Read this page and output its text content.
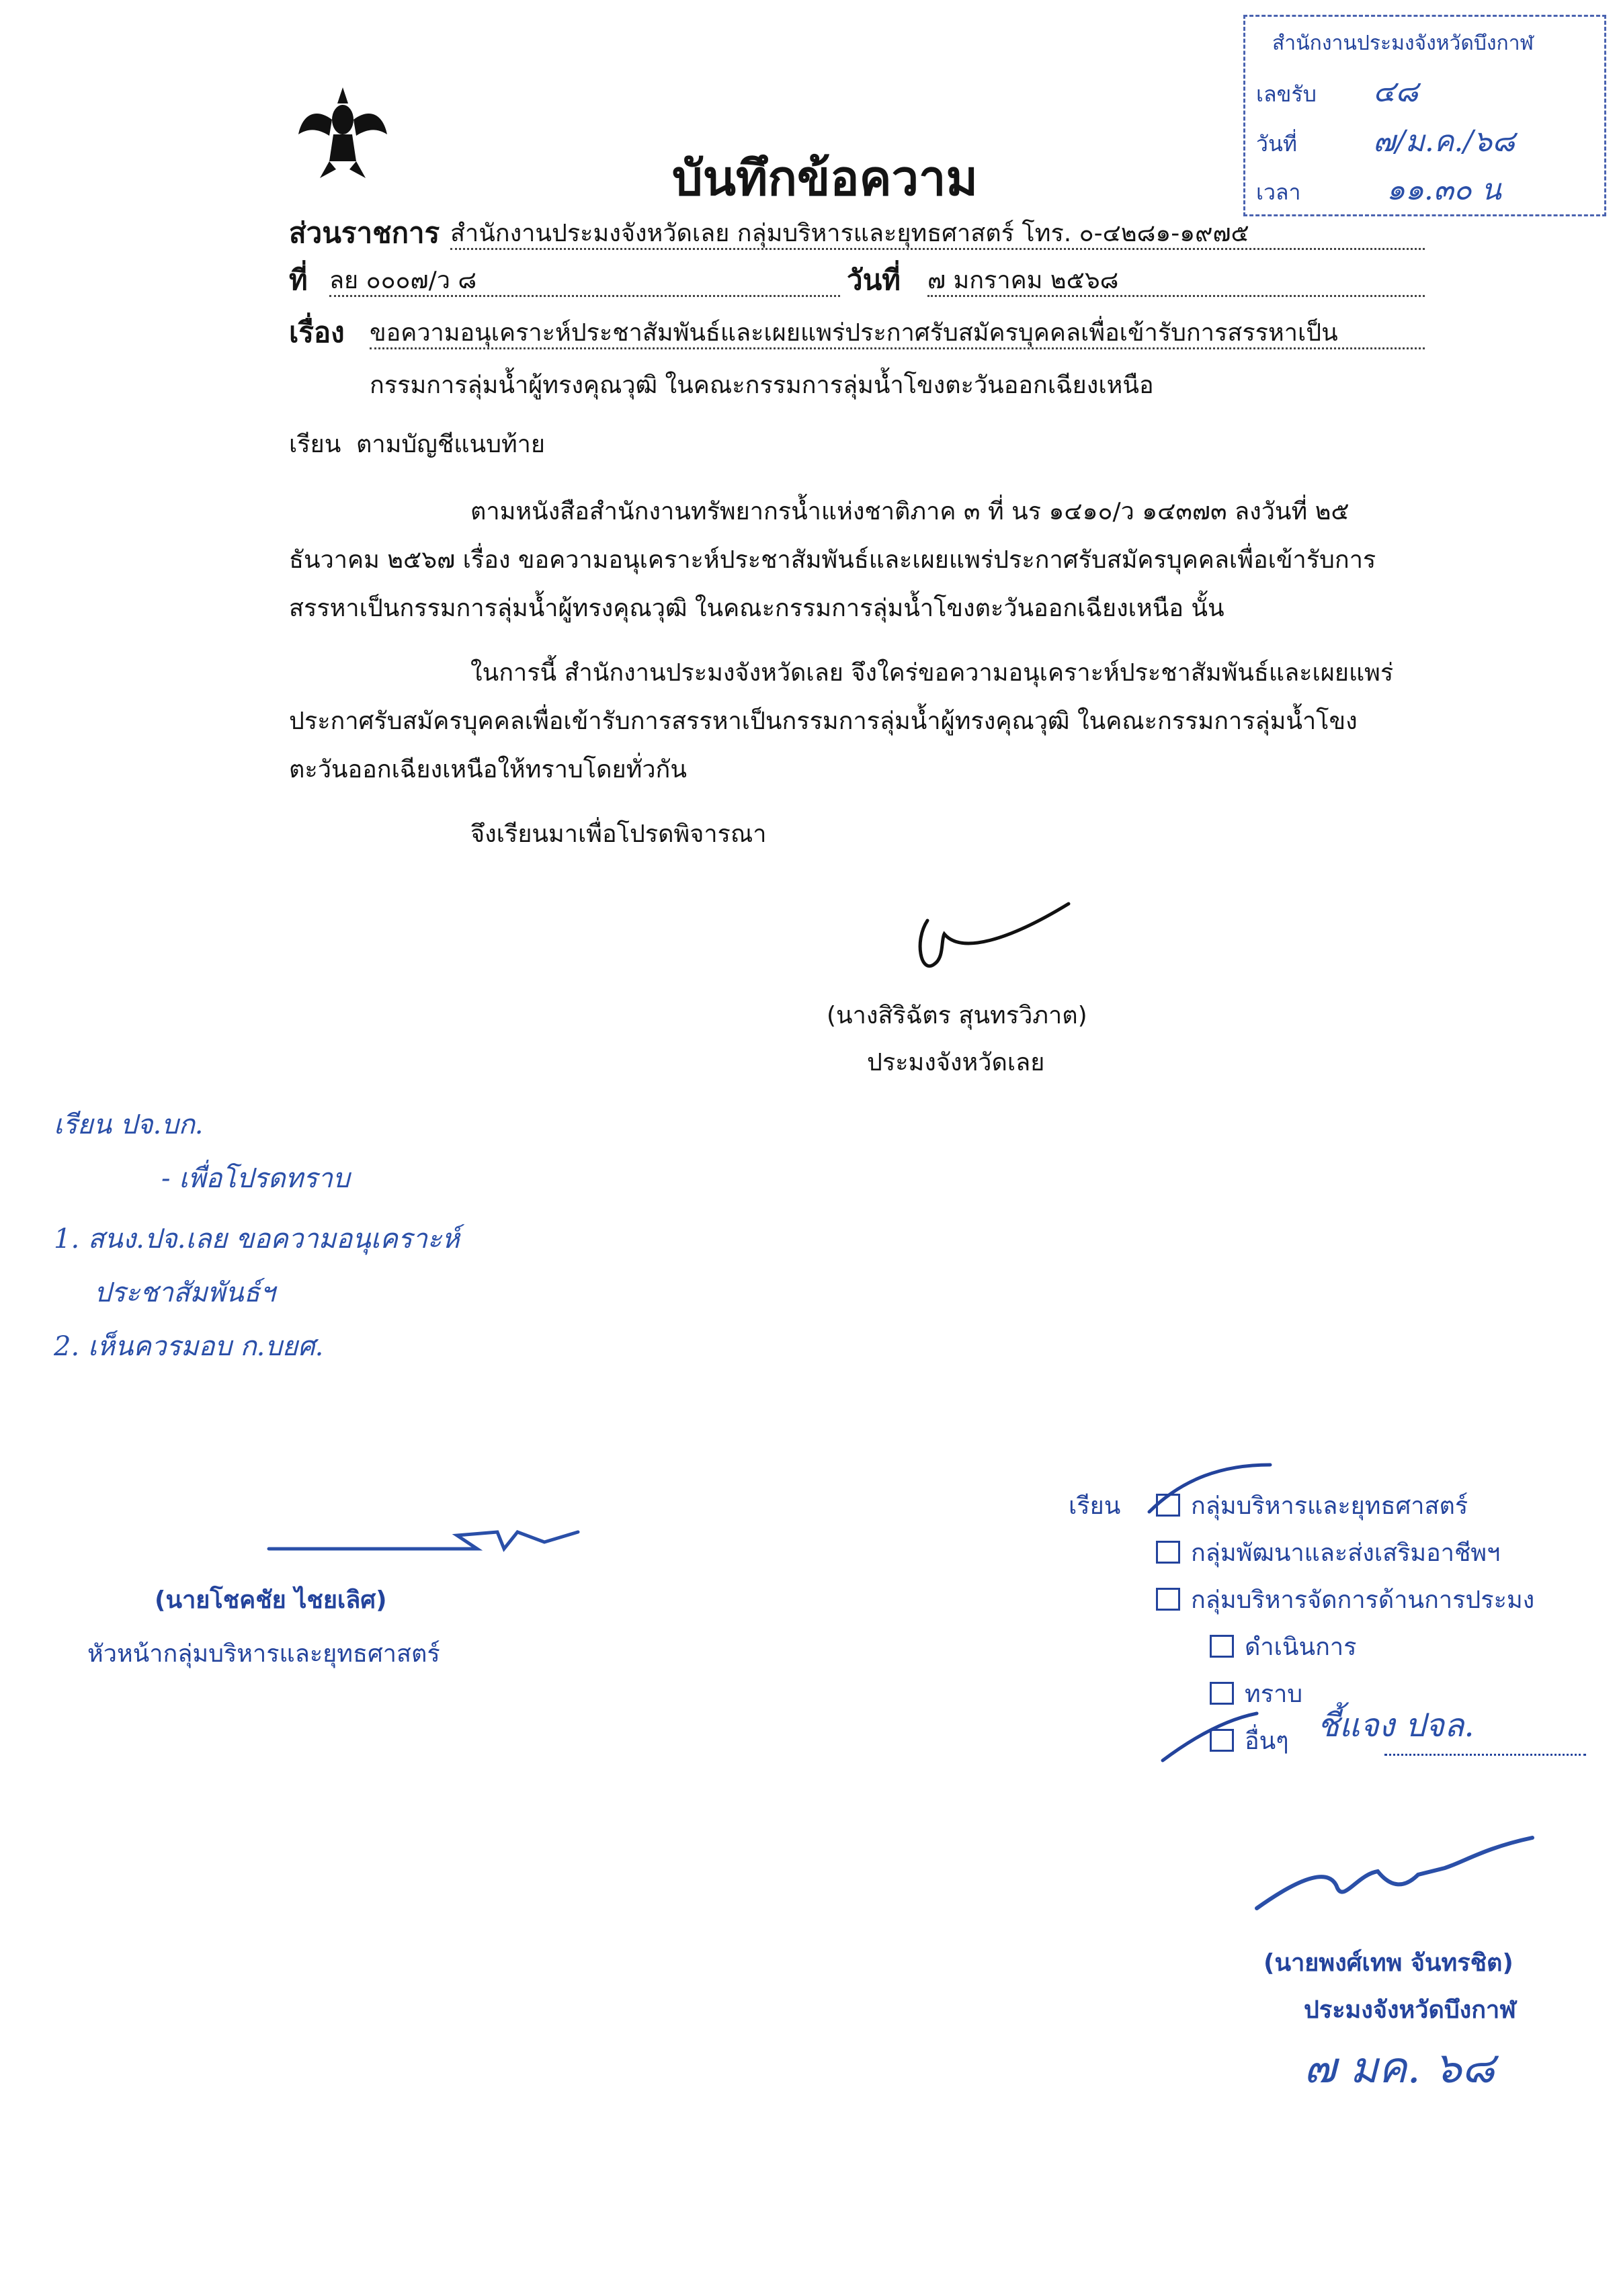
สำนักงานประมงจังหวัดบึงกาฬ
เลขรับ ๔๘
วันที่	๗/ม.ค./๖๘
เวลา	๑๑.๓๐ น
บันทึกข้อความ
ส่วนราชการ สำนักงานประมงจังหวัดเลย กลุ่มบริหารและยุทธศาสตร์ โทร. ๐-๔๒๘๑-๑๙๗๕
ที่ ลย ๐๐๐๗/ว ๘	วันที่ ๗ มกราคม ๒๕๖๘
เรื่อง ขอความอนุเคราะห์ประชาสัมพันธ์และเผยแพร่ประกาศรับสมัครบุคคลเพื่อเข้ารับการสรรหาเป็น
กรรมการลุ่มน้ำผู้ทรงคุณวุฒิ ในคณะกรรมการลุ่มน้ำโขงตะวันออกเฉียงเหนือ
เรียน ตามบัญชีแนบท้าย
ตามหนังสือสำนักงานทรัพยากรน้ำแห่งชาติภาค ๓ ที่ นร ๑๔๑๐/ว ๑๔๓๗๓ ลงวันที่ ๒๕
ธันวาคม ๒๕๖๗ เรื่อง ขอความอนุเคราะห์ประชาสัมพันธ์และเผยแพร่ประกาศรับสมัครบุคคลเพื่อเข้ารับการ
สรรหาเป็นกรรมการลุ่มน้ำผู้ทรงคุณวุฒิ ในคณะกรรมการลุ่มน้ำโขงตะวันออกเฉียงเหนือ นั้น
ในการนี้ สำนักงานประมงจังหวัดเลย จึงใคร่ขอความอนุเคราะห์ประชาสัมพันธ์และเผยแพร่
ประกาศรับสมัครบุคคลเพื่อเข้ารับการสรรหาเป็นกรรมการลุ่มน้ำผู้ทรงคุณวุฒิ ในคณะกรรมการลุ่มน้ำโขง
ตะวันออกเฉียงเหนือให้ทราบโดยทั่วกัน
จึงเรียนมาเพื่อโปรดพิจารณา
(นางสิริฉัตร สุนทรวิภาต)
ประมงจังหวัดเลย
เรียน ปจ.บก.
- เพื่อโปรดทราบ
1. สนง.ปจ.เลย ขอความอนุเคราะห์
ประชาสัมพันธ์ฯ
2. เห็นควรมอบ ก.บยศ.
(นายโชคชัย ไชยเลิศ)
หัวหน้ากลุ่มบริหารและยุทธศาสตร์
เรียน	กลุ่มบริหารและยุทธศาสตร์
กลุ่มพัฒนาและส่งเสริมอาชีพฯ
กลุ่มบริหารจัดการด้านการประมง
ดำเนินการ
ทราบ
อื่นๆ ชี้แจง ปจล.
(นายพงศ์เทพ จันทรชิต)
ประมงจังหวัดบึงกาฬ
๗ มค. ๖๘
